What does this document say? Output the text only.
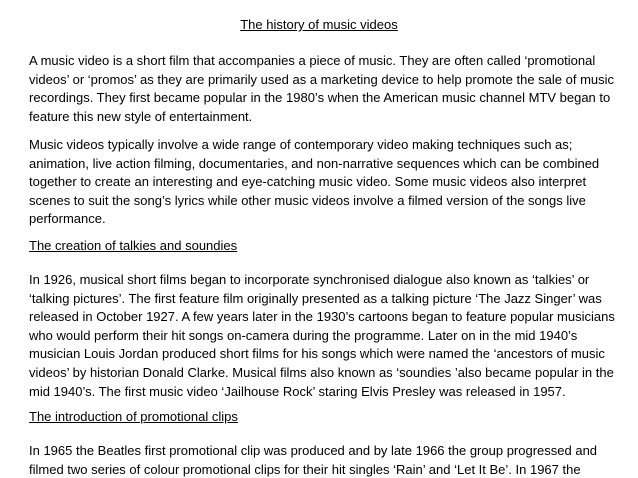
The history of music videos
A music video is a short film that accompanies a piece of music. They are often called ‘promotional
videos’ or ‘promos’ as they are primarily used as a marketing device to help promote the sale of music
recordings. They first became popular in the 1980’s when the American music channel MTV began to
feature this new style of entertainment.
Music videos typically involve a wide range of contemporary video making techniques such as;
animation, live action filming, documentaries, and non-narrative sequences which can be combined
together to create an interesting and eye-catching music video. Some music videos also interpret
scenes to suit the song’s lyrics while other music videos involve a filmed version of the songs live
performance.
The creation of talkies and soundies
In 1926, musical short films began to incorporate synchronised dialogue also known as ‘talkies’ or
‘talking pictures’. The first feature film originally presented as a talking picture ‘The Jazz Singer’ was
released in October 1927. A few years later in the 1930’s cartoons began to feature popular musicians
who would perform their hit songs on-camera during the programme. Later on in the mid 1940’s
musician Louis Jordan produced short films for his songs which were named the ‘ancestors of music
videos’ by historian Donald Clarke. Musical films also known as ‘soundies ’also became popular in the
mid 1940’s. The first music video ‘Jailhouse Rock’ staring Elvis Presley was released in 1957.
The introduction of promotional clips
In 1965 the Beatles first promotional clip was produced and by late 1966 the group progressed and
filmed two series of colour promotional clips for their hit singles ‘Rain’ and ‘Let It Be’. In 1967 the
